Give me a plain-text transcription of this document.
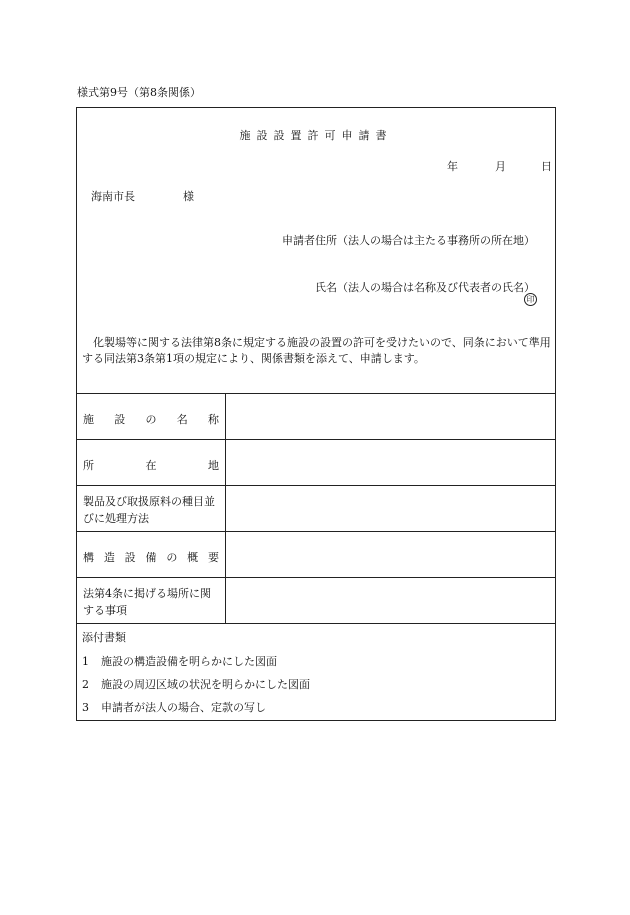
様式第9号（第8条関係）
施設設置許可申請書
年	月	日
海南市長	様
申請者住所（法人の場合は主たる事務所の所在地）
氏名（法人の場合は名称及び代表者の氏名）
印
　化製場等に関する法律第8条に規定する施設の設置の許可を受けたいので、同条において準用する同法第3条第1項の規定により、関係書類を添えて、申請します。
施 設 の 名 称
所	在	地
製品及び取扱原料の種目並びに処理方法
構 造 設 備 の 概 要
法第4条に掲げる場所に関する事項
添付書類
1 施設の構造設備を明らかにした図面
2 施設の周辺区域の状況を明らかにした図面
3 申請者が法人の場合、定款の写し
